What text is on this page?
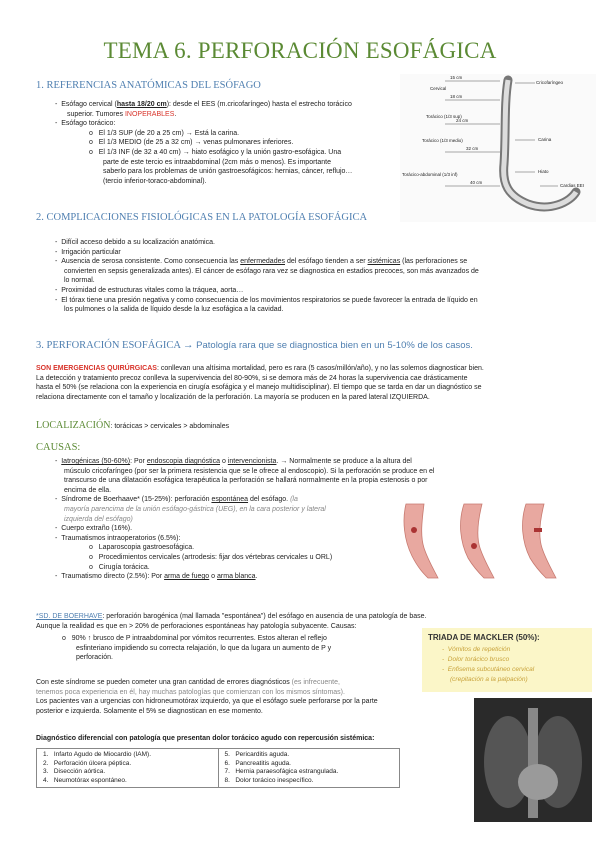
TEMA 6. PERFORACIÓN ESOFÁGICA
1. REFERENCIAS ANATÓMICAS DEL ESÓFAGO
-  Esófago cervical (hasta 18/20 cm): desde el EES (m.cricofaríngeo) hasta el estrecho torácico
superior. Tumores INOPERABLES.
-  Esófago torácico:
o   El 1/3 SUP (de 20 a 25 cm) → Está la carina.
o   El 1/3 MEDIO (de 25 a 32 cm) → venas pulmonares inferiores.
o   El 1/3 INF (de 32 a 40 cm) → hiato esofágico y la unión gastro-esofágica. Una
parte de este tercio es intraabdominal (2cm más o menos). Es importante
saberlo para los problemas de unión gastroesofágicos: hernias, cáncer, reflujo…
(tercio inferior-toraco-abdominal).
Cervical
Torácico (1/3 sup)
Torácico (1/3 medio)
Torácico-abdominal (1/3 inf)
15 cm
18 cm
24 cm
32 cm
40 cm
Cricofaríngeo
Carina
Hiato
Cardias EEI
2. COMPLICACIONES FISIOLÓGICAS EN LA PATOLOGÍA ESOFÁGICA
-  Difícil acceso debido a su localización anatómica.
-  Irrigación particular
-  Ausencia de serosa consistente. Como consecuencia las enfermedades del esófago tienden a ser sistémicas (las perforaciones se
convierten en sepsis generalizada antes). El cáncer de esófago rara vez se diagnostica en estadios precoces, son más avanzados de
lo normal.
-  Proximidad de estructuras vitales como la tráquea, aorta…
-  El tórax tiene una presión negativa y como consecuencia de los movimientos respiratorios se puede favorecer la entrada de líquido en
los pulmones o la salida de líquido desde la luz esofágica a la cavidad.
3. PERFORACIÓN ESOFÁGICA → Patología rara que se diagnostica bien en un 5-10% de los casos.
SON EMERGENCIAS QUIRÚRGICAS: conllevan una altísima mortalidad, pero es rara (5 casos/millón/año), y no las solemos diagnosticar bien.
La detección y tratamiento precoz conlleva la supervivencia del 80-90%, si se demora más de 24 horas la supervivencia cae drásticamente
hasta el 50% (se relaciona con la experiencia en cirugía esofágica y el manejo multidisciplinar). El tiempo que se tarda en dar un diagnóstico se
relaciona directamente con el tamaño y localización de la perforación. La mayoría se producen en la pared lateral IZQUIERDA.
LOCALIZACIÓN: torácicas > cervicales > abdominales
CAUSAS:
-  Iatrogénicas (50-60%): Por endoscopia diagnóstica o intervencionista. → Normalmente se produce a la altura del
músculo cricofaríngeo (por ser la primera resistencia que se le ofrece al endoscopio). Si la perforación se produce en el
transcurso de una dilatación esofágica terapéutica la perforación se hallará normalmente en la propia estenosis o por
encima de ella.
-  Síndrome de Boerhaave* (15-25%): perforación espontánea del esófago. (la
mayoría parencima de la unión esófago-gástrica (UEG), en la cara posterior y lateral
izquierda del esófago)
-  Cuerpo extraño (16%).
-  Traumatismos intraoperatorios (6.5%):
o   Laparoscopia gastroesofágica.
o   Procedimientos cervicales (artrodesis: fijar dos vértebras cervicales u ORL)
o   Cirugía torácica.
-  Traumatismo directo (2.5%): Por arma de fuego o arma blanca.
*SD. DE BOERHAVE: perforación barogénica (mal llamada "espontánea") del esófago en ausencia de una patología de base.
Aunque la realidad es que en > 20% de perforaciones espontáneas hay patología subyacente. Causas:
o   90% ↑ brusco de P intraabdominal por vómitos recurrentes. Estos alteran el reflejo
esfinteriano impidiendo su correcta relajación, lo que da lugara un aumento de P y
perforación.
TRIADA DE MACKLER (50%):
-  Vómitos de repetición
-  Dolor torácico brusco
-  Enfisema subcutáneo cervical
(crepitación a la palpación)
Con este síndrome se pueden cometer una gran cantidad de errores diagnósticos (es infrecuente,
tenemos poca experiencia en él, hay muchas patologías que comienzan con los mismos síntomas).
Los pacientes van a urgencias con hidroneumotórax izquierdo, ya que el esófago suele perforarse por la parte
posterior e izquierda. Solamente el 5% se diagnostican en ese momento.
Diagnóstico diferencial con patología que presentan dolor torácico agudo con repercusión sistémica:
1.   Infarto Agudo de Miocardio (IAM).
2.   Perforación úlcera péptica.
3.   Disección aórtica.
4.   Neumotórax espontáneo.

5.   Pericarditis aguda.
6.   Pancreatitis aguda.
7.   Hernia paraesofágica estrangulada.
8.   Dolor torácico inespecífico.
